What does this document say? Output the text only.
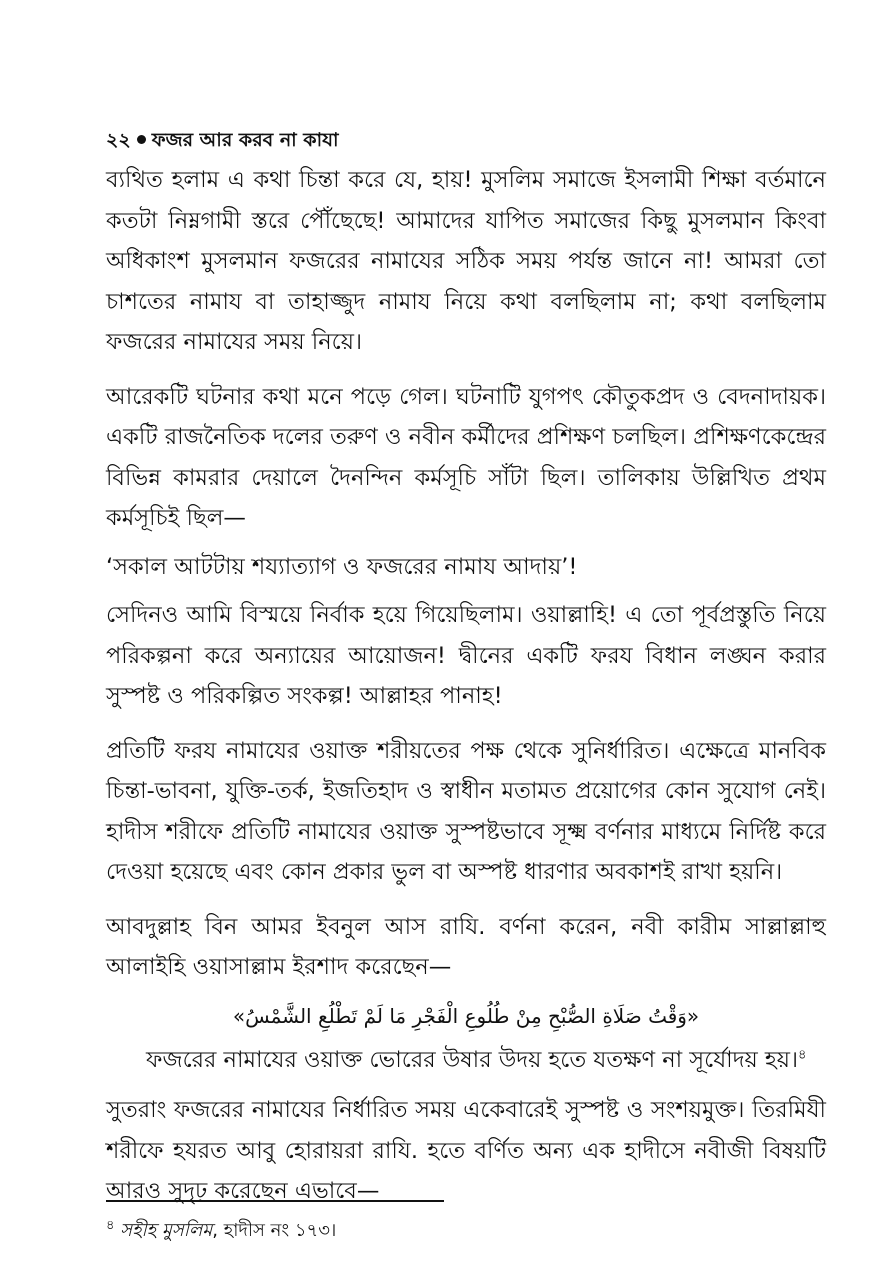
২২ ফজর আর করব না কাযা

ব্যথিত হলাম এ কথা চিন্তা করে যে, হায়! মুসলিম সমাজে ইসলামী শিক্ষা বর্তমানে কতটা নিম্নগামী স্তরে পৌঁছেছে! আমাদের যাপিত সমাজের কিছু মুসলমান কিংবা অধিকাংশ মুসলমান ফজরের নামাযের সঠিক সময় পর্যন্ত জানে না! আমরা তো চাশতের নামায বা তাহাজ্জুদ নামায নিয়ে কথা বলছিলাম না; কথা বলছিলাম ফজরের নামাযের সময় নিয়ে।

আরেকটি ঘটনার কথা মনে পড়ে গেল। ঘটনাটি যুগপৎ কৌতুকপ্রদ ও বেদনাদায়ক। একটি রাজনৈতিক দলের তরুণ ও নবীন কর্মীদের প্রশিক্ষণ চলছিল। প্রশিক্ষণকেন্দ্রের বিভিন্ন কামরার দেয়ালে দৈনন্দিন কর্মসূচি সাঁটা ছিল। তালিকায় উল্লিখিত প্রথম কর্মসূচিই ছিল—

‘সকাল আটটায় শয্যাত্যাগ ও ফজরের নামায আদায়’!

সেদিনও আমি বিস্ময়ে নির্বাক হয়ে গিয়েছিলাম। ওয়াল্লাহি! এ তো পূর্বপ্রস্তুতি নিয়ে পরিকল্পনা করে অন্যায়ের আয়োজন! দ্বীনের একটি ফরয বিধান লঙ্ঘন করার সুস্পষ্ট ও পরিকল্পিত সংকল্প! আল্লাহর পানাহ!

প্রতিটি ফরয নামাযের ওয়াক্ত শরীয়তের পক্ষ থেকে সুনির্ধারিত। এক্ষেত্রে মানবিক চিন্তা-ভাবনা, যুক্তি-তর্ক, ইজতিহাদ ও স্বাধীন মতামত প্রয়োগের কোন সুযোগ নেই। হাদীস শরীফে প্রতিটি নামাযের ওয়াক্ত সুস্পষ্টভাবে সূক্ষ্ম বর্ণনার মাধ্যমে নির্দিষ্ট করে দেওয়া হয়েছে এবং কোন প্রকার ভুল বা অস্পষ্ট ধারণার অবকাশই রাখা হয়নি।

আবদুল্লাহ বিন আমর ইবনুল আস রাযি. বর্ণনা করেন, নবী কারীম সাল্লাল্লাহু আলাইহি ওয়াসাল্লাম ইরশাদ করেছেন—

«وَقْتُ صَلَاةِ الصُّبْحِ مِنْ طُلُوعِ الْفَجْرِ مَا لَمْ تَطْلُعِ الشَّمْسُ»
ফজরের নামাযের ওয়াক্ত ভোরের উষার উদয় হতে যতক্ষণ না সূর্যোদয় হয়।$^৪$

সুতরাং ফজরের নামাযের নির্ধারিত সময় একেবারেই সুস্পষ্ট ও সংশয়মুক্ত। তিরমিযী শরীফে হযরত আবু হোরায়রা রাযি. হতে বর্ণিত অন্য এক হাদীসে নবীজী বিষয়টি আরও সুদৃঢ় করেছেন এভাবে—

$^৪$ সহীহ মুসলিম, হাদীস নং ১৭৩।
